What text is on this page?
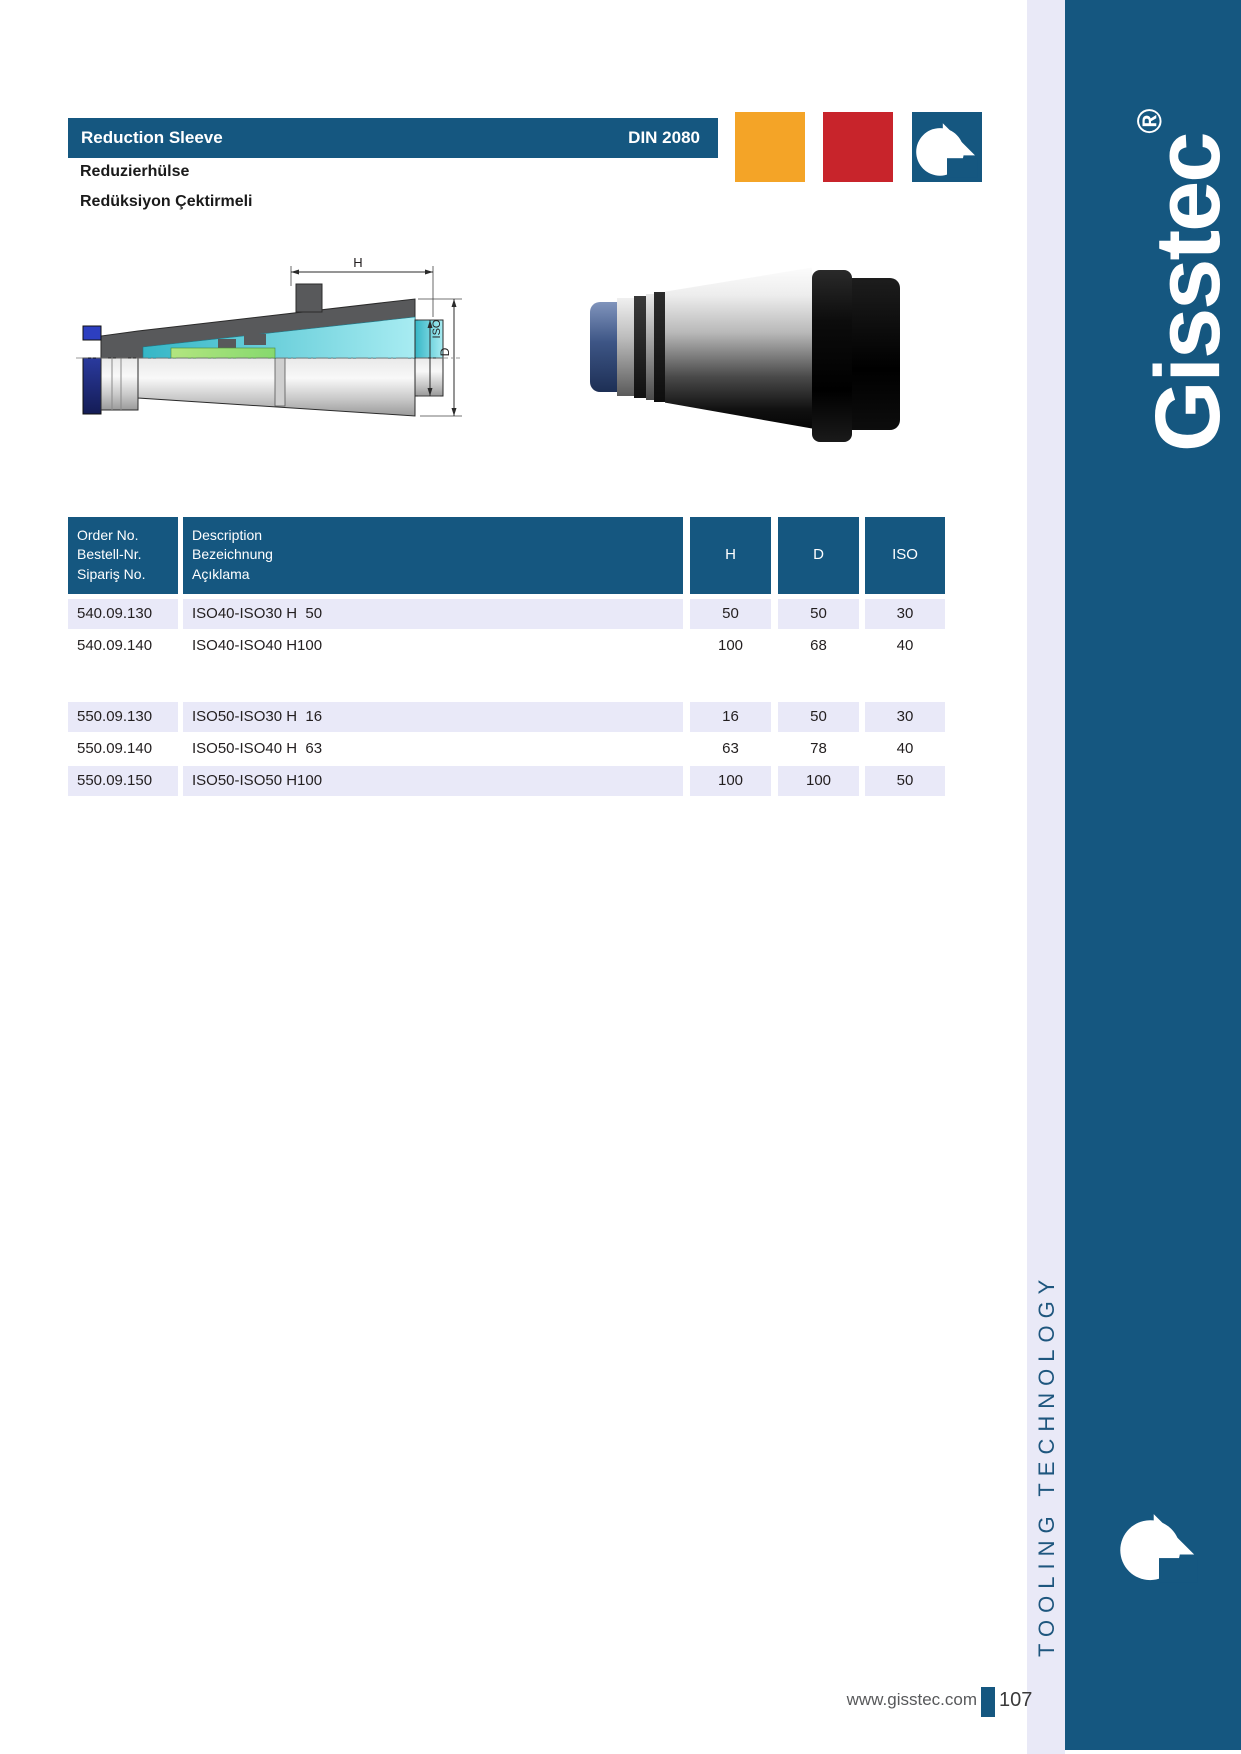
Reduction Sleeve	DIN 2080
Reduzierhülse
Redüksiyon Çektirmeli
H
ISO
D
Order No.
Bestell-Nr.
Sipariş No.
Description
Bezeichnung
Açıklama
H	D	ISO
540.09.130	ISO40-ISO30 H  50	50	50	30
540.09.140	ISO40-ISO40 H100	100	68	40
550.09.130	ISO50-ISO30 H  16	16	50	30
550.09.140	ISO50-ISO40 H  63	63	78	40
550.09.150	ISO50-ISO50 H100	100	100	50
Gisstec®
TOOLING TECHNOLOGY
www.gisstec.com 107
